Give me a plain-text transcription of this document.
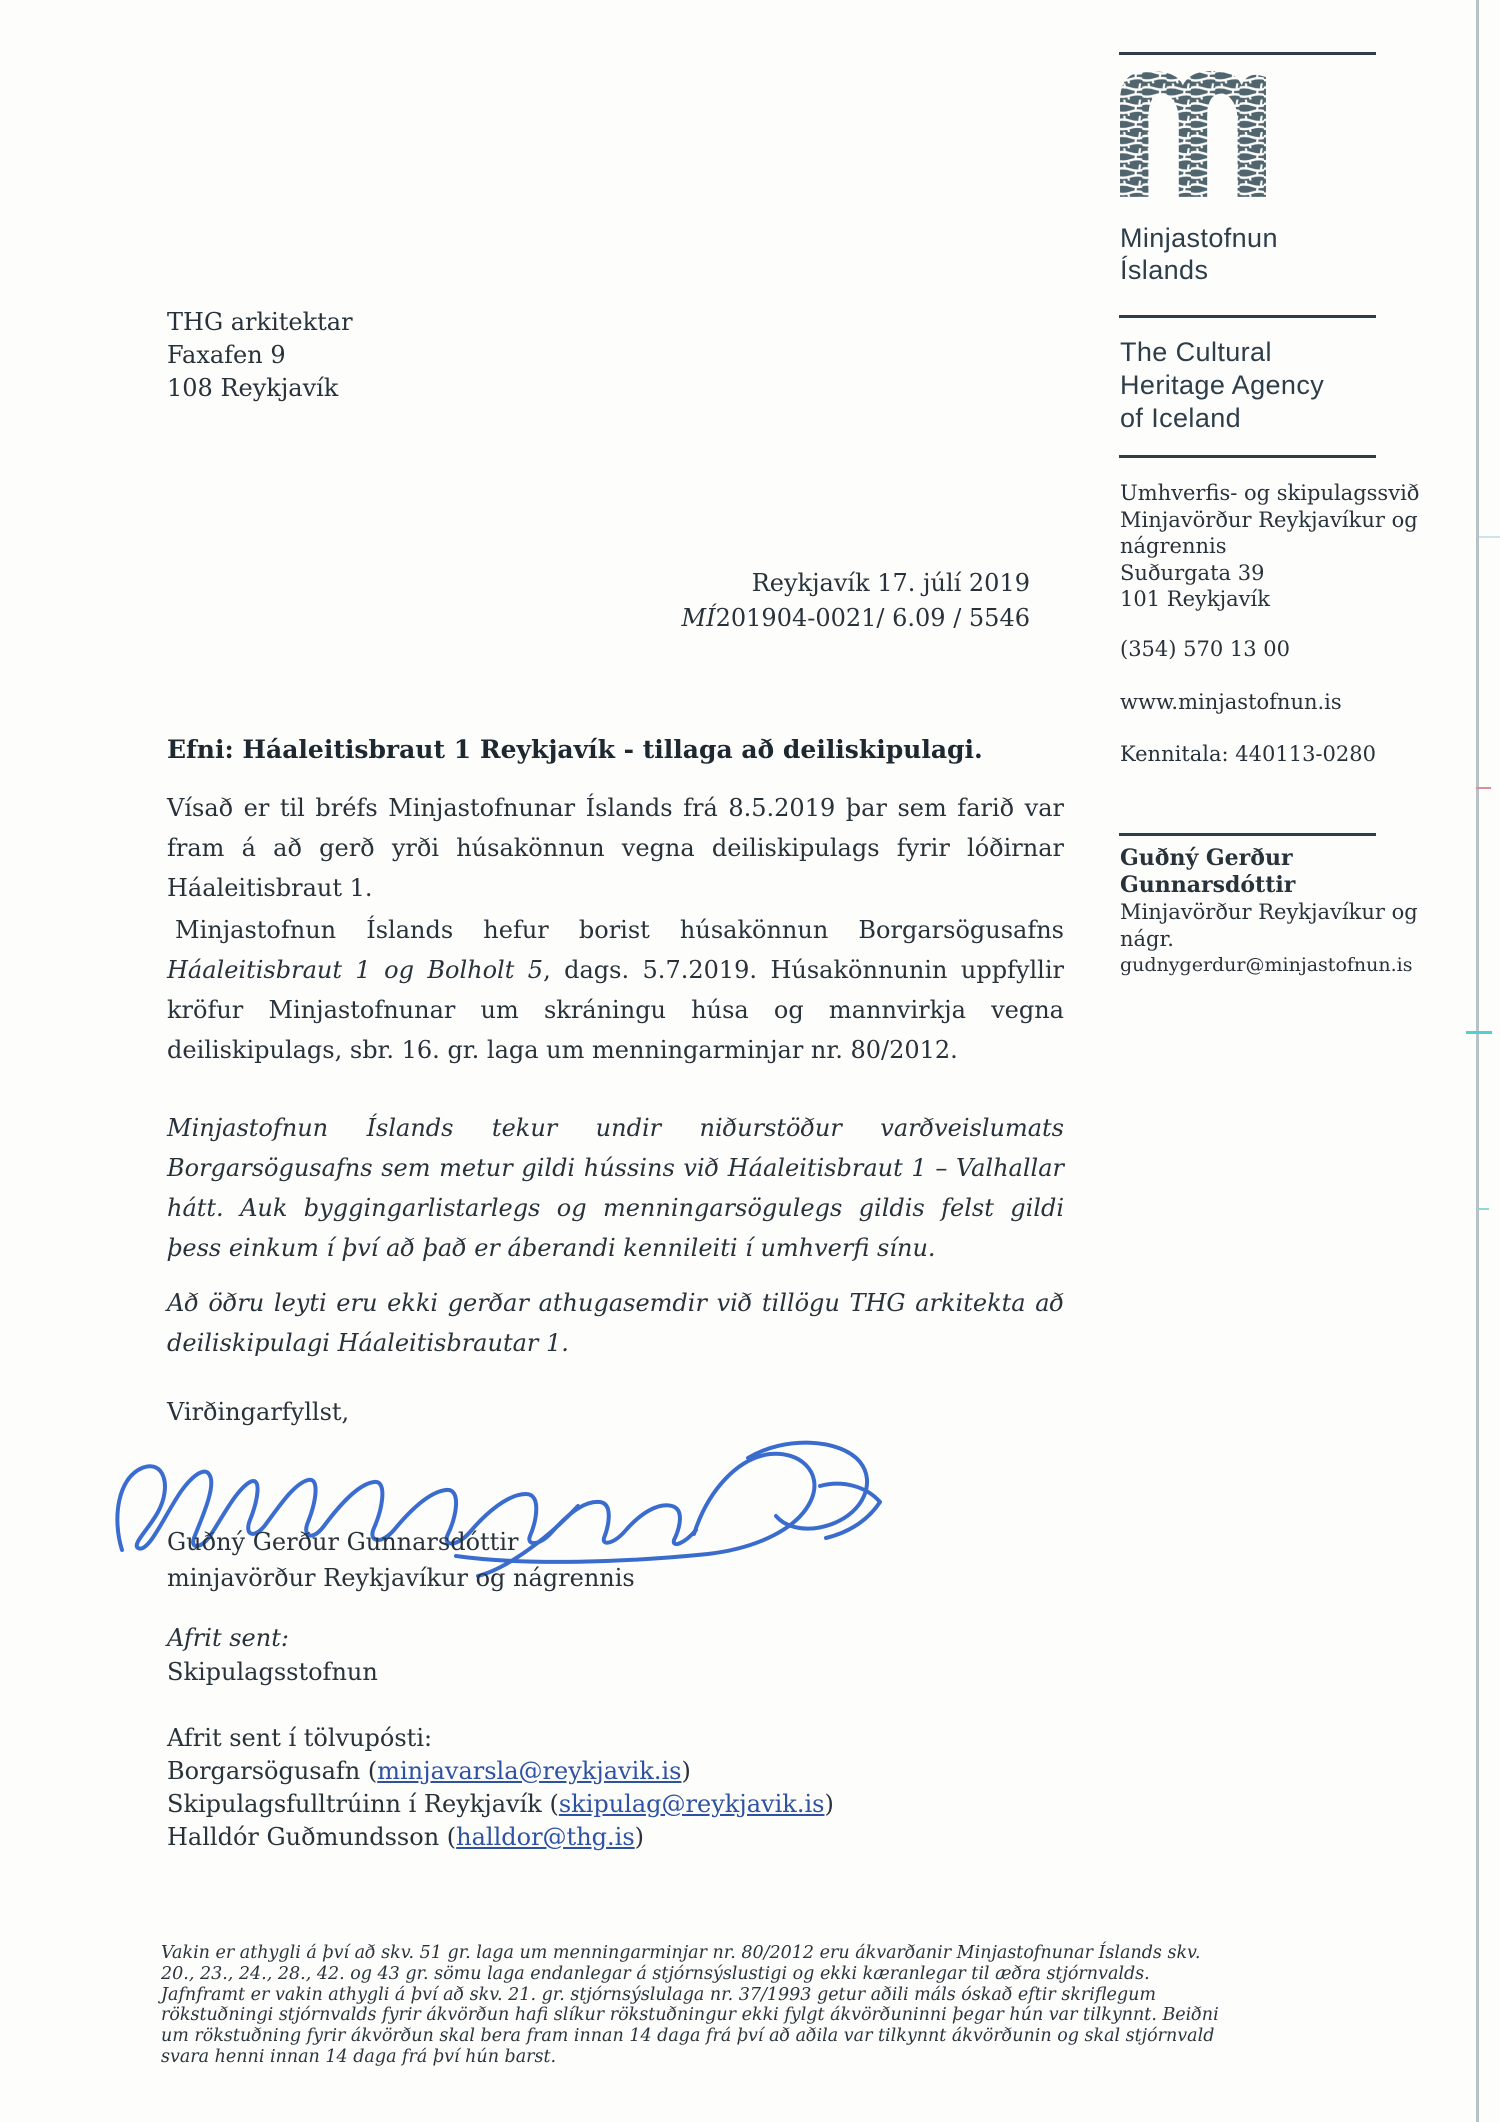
THG arkitektar
Faxafen 9
108 Reykjavík
Minjastofnun
Íslands
The Cultural
Heritage Agency
of Iceland
Umhverfis- og skipulagssvið
Minjavörður Reykjavíkur og
nágrennis
Suðurgata 39
101 Reykjavík
(354) 570 13 00
www.minjastofnun.is
Kennitala: 440113-0280
Guðný Gerður
Gunnarsdóttir
Minjavörður Reykjavíkur og
nágr.
gudnygerdur@minjastofnun.is
Reykjavík 17. júlí 2019
MÍ201904-0021/ 6.09 / 5546
Efni: Háaleitisbraut 1 Reykjavík - tillaga að deiliskipulagi.
Vísað er til bréfs Minjastofnunar Íslands frá 8.5.2019 þar sem farið var fram á að gerð yrði húsakönnun vegna deiliskipulags fyrir lóðirnar Háaleitisbraut 1.
Minjastofnun Íslands hefur borist húsakönnun Borgarsögusafns Háaleitisbraut 1 og Bolholt 5, dags. 5.7.2019. Húsakönnunin uppfyllir kröfur Minjastofnunar um skráningu húsa og mannvirkja vegna deiliskipulags, sbr. 16. gr. laga um menningarminjar nr. 80/2012.
Minjastofnun Íslands tekur undir niðurstöður varðveislumats Borgarsögusafns sem metur gildi hússins við Háaleitisbraut 1 – Valhallar hátt. Auk byggingarlistarlegs og menningarsögulegs gildis felst gildi þess einkum í því að það er áberandi kennileiti í umhverfi sínu.
Að öðru leyti eru ekki gerðar athugasemdir við tillögu THG arkitekta að deiliskipulagi Háaleitisbrautar 1.
Virðingarfyllst,
Guðný Gerður Gunnarsdóttir
minjavörður Reykjavíkur og nágrennis
Afrit sent:
Skipulagsstofnun
Afrit sent í tölvupósti:
Borgarsögusafn (minjavarsla@reykjavik.is)
Skipulagsfulltrúinn í Reykjavík (skipulag@reykjavik.is)
Halldór Guðmundsson (halldor@thg.is)
Vakin er athygli á því að skv. 51 gr. laga um menningarminjar nr. 80/2012 eru ákvarðanir Minjastofnunar Íslands skv.
20., 23., 24., 28., 42. og 43 gr. sömu laga endanlegar á stjórnsýslustigi og ekki kæranlegar til æðra stjórnvalds.
Jafnframt er vakin athygli á því að skv. 21. gr. stjórnsýslulaga nr. 37/1993 getur aðili máls óskað eftir skriflegum
rökstuðningi stjórnvalds fyrir ákvörðun hafi slíkur rökstuðningur ekki fylgt ákvörðuninni þegar hún var tilkynnt. Beiðni
um rökstuðning fyrir ákvörðun skal bera fram innan 14 daga frá því að aðila var tilkynnt ákvörðunin og skal stjórnvald
svara henni innan 14 daga frá því hún barst.
